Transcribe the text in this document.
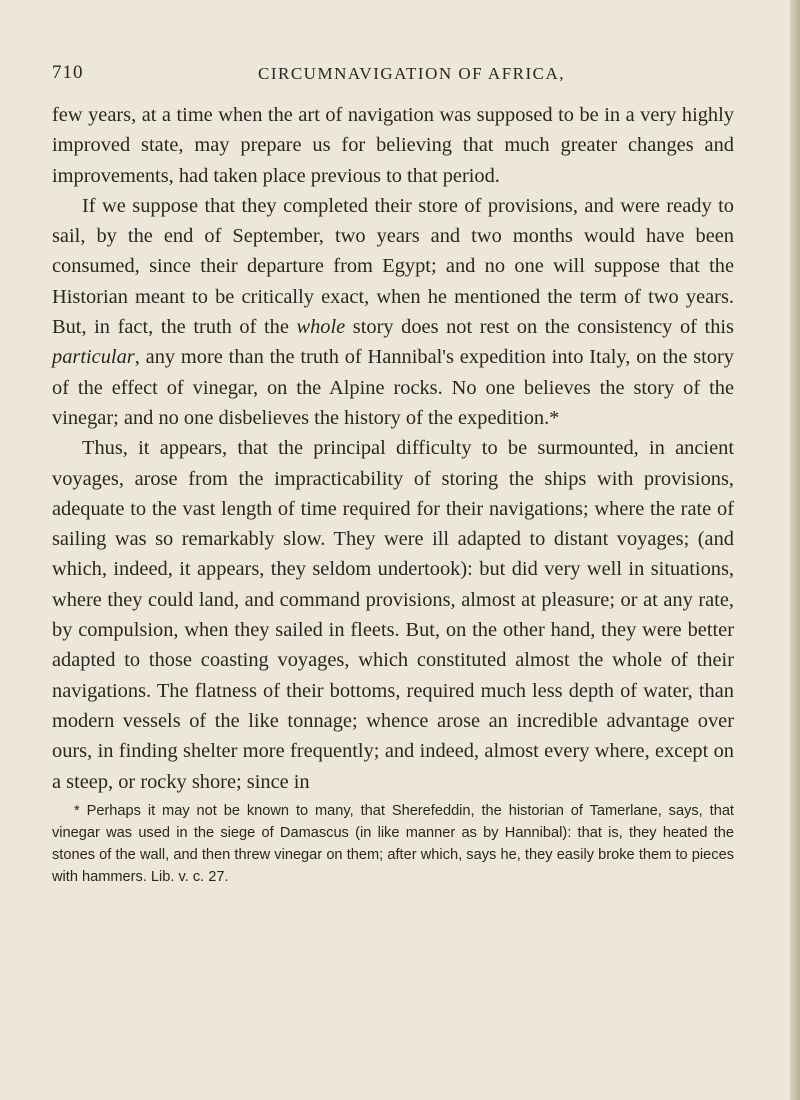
710	CIRCUMNAVIGATION OF AFRICA,

few years, at a time when the art of navigation was supposed to be in a very highly improved state, may prepare us for believing that much greater changes and improvements, had taken place previous to that period.

If we suppose that they completed their store of provisions, and were ready to sail, by the end of September, two years and two months would have been consumed, since their departure from Egypt; and no one will suppose that the Historian meant to be critically exact, when he mentioned the term of two years. But, in fact, the truth of the whole story does not rest on the consistency of this particular, any more than the truth of Hannibal's expedition into Italy, on the story of the effect of vinegar, on the Alpine rocks. No one believes the story of the vinegar; and no one disbelieves the history of the expedition.*

Thus, it appears, that the principal difficulty to be surmounted, in ancient voyages, arose from the impracticability of storing the ships with provisions, adequate to the vast length of time required for their navigations; where the rate of sailing was so remarkably slow. They were ill adapted to distant voyages; (and which, indeed, it appears, they seldom undertook): but did very well in situations, where they could land, and command provisions, almost at pleasure; or at any rate, by compulsion, when they sailed in fleets. But, on the other hand, they were better adapted to those coasting voyages, which constituted almost the whole of their navigations. The flatness of their bottoms, required much less depth of water, than modern vessels of the like tonnage; whence arose an incredible advantage over ours, in finding shelter more frequently; and indeed, almost every where, except on a steep, or rocky shore; since in

* Perhaps it may not be known to many, that Sherefeddin, the historian of Tamerlane, says, that vinegar was used in the siege of Damascus (in like manner as by Hannibal): that is, they heated the stones of the wall, and then threw vinegar on them; after which, says he, they easily broke them to pieces with hammers. Lib. v. c. 27.
